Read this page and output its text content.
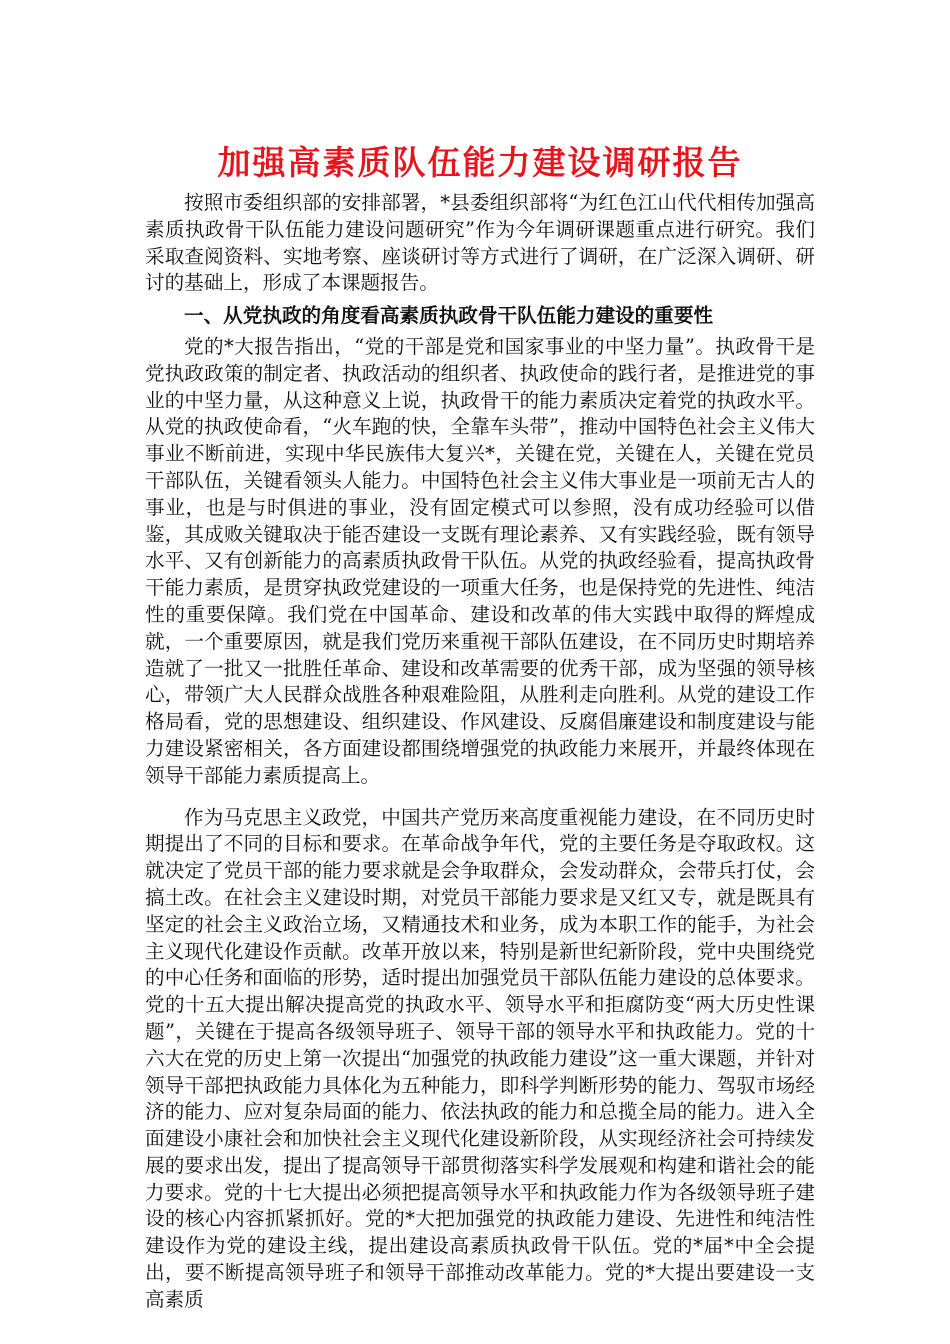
加强高素质队伍能力建设调研报告

按照市委组织部的安排部署，*县委组织部将“为红色江山代代相传加强高素质执政骨干队伍能力建设问题研究”作为今年调研课题重点进行研究。我们采取查阅资料、实地考察、座谈研讨等方式进行了调研，在广泛深入调研、研讨的基础上，形成了本课题报告。

一、从党执政的角度看高素质执政骨干队伍能力建设的重要性

党的*大报告指出，“党的干部是党和国家事业的中坚力量”。执政骨干是党执政政策的制定者、执政活动的组织者、执政使命的践行者，是推进党的事业的中坚力量，从这种意义上说，执政骨干的能力素质决定着党的执政水平。从党的执政使命看，“火车跑的快，全靠车头带”，推动中国特色社会主义伟大事业不断前进，实现中华民族伟大复兴*，关键在党，关键在人，关键在党员干部队伍，关键看领头人能力。中国特色社会主义伟大事业是一项前无古人的事业，也是与时俱进的事业，没有固定模式可以参照，没有成功经验可以借鉴，其成败关键取决于能否建设一支既有理论素养、又有实践经验，既有领导水平、又有创新能力的高素质执政骨干队伍。从党的执政经验看，提高执政骨干能力素质，是贯穿执政党建设的一项重大任务，也是保持党的先进性、纯洁性的重要保障。我们党在中国革命、建设和改革的伟大实践中取得的辉煌成就，一个重要原因，就是我们党历来重视干部队伍建设，在不同历史时期培养造就了一批又一批胜任革命、建设和改革需要的优秀干部，成为坚强的领导核心，带领广大人民群众战胜各种艰难险阻，从胜利走向胜利。从党的建设工作格局看，党的思想建设、组织建设、作风建设、反腐倡廉建设和制度建设与能力建设紧密相关，各方面建设都围绕增强党的执政能力来展开，并最终体现在领导干部能力素质提高上。

作为马克思主义政党，中国共产党历来高度重视能力建设，在不同历史时期提出了不同的目标和要求。在革命战争年代，党的主要任务是夺取政权。这就决定了党员干部的能力要求就是会争取群众，会发动群众，会带兵打仗，会搞土改。在社会主义建设时期，对党员干部能力要求是又红又专，就是既具有坚定的社会主义政治立场，又精通技术和业务，成为本职工作的能手，为社会主义现代化建设作贡献。改革开放以来，特别是新世纪新阶段，党中央围绕党的中心任务和面临的形势，适时提出加强党员干部队伍能力建设的总体要求。党的十五大提出解决提高党的执政水平、领导水平和拒腐防变“两大历史性课题”，关键在于提高各级领导班子、领导干部的领导水平和执政能力。党的十六大在党的历史上第一次提出“加强党的执政能力建设”这一重大课题，并针对领导干部把执政能力具体化为五种能力，即科学判断形势的能力、驾驭市场经济的能力、应对复杂局面的能力、依法执政的能力和总揽全局的能力。进入全面建设小康社会和加快社会主义现代化建设新阶段，从实现经济社会可持续发展的要求出发，提出了提高领导干部贯彻落实科学发展观和构建和谐社会的能力要求。党的十七大提出必须把提高领导水平和执政能力作为各级领导班子建设的核心内容抓紧抓好。党的*大把加强党的执政能力建设、先进性和纯洁性建设作为党的建设主线，提出建设高素质执政骨干队伍。党的*届*中全会提出，要不断提高领导班子和领导干部推动改革能力。党的*大提出要建设一支高素质
